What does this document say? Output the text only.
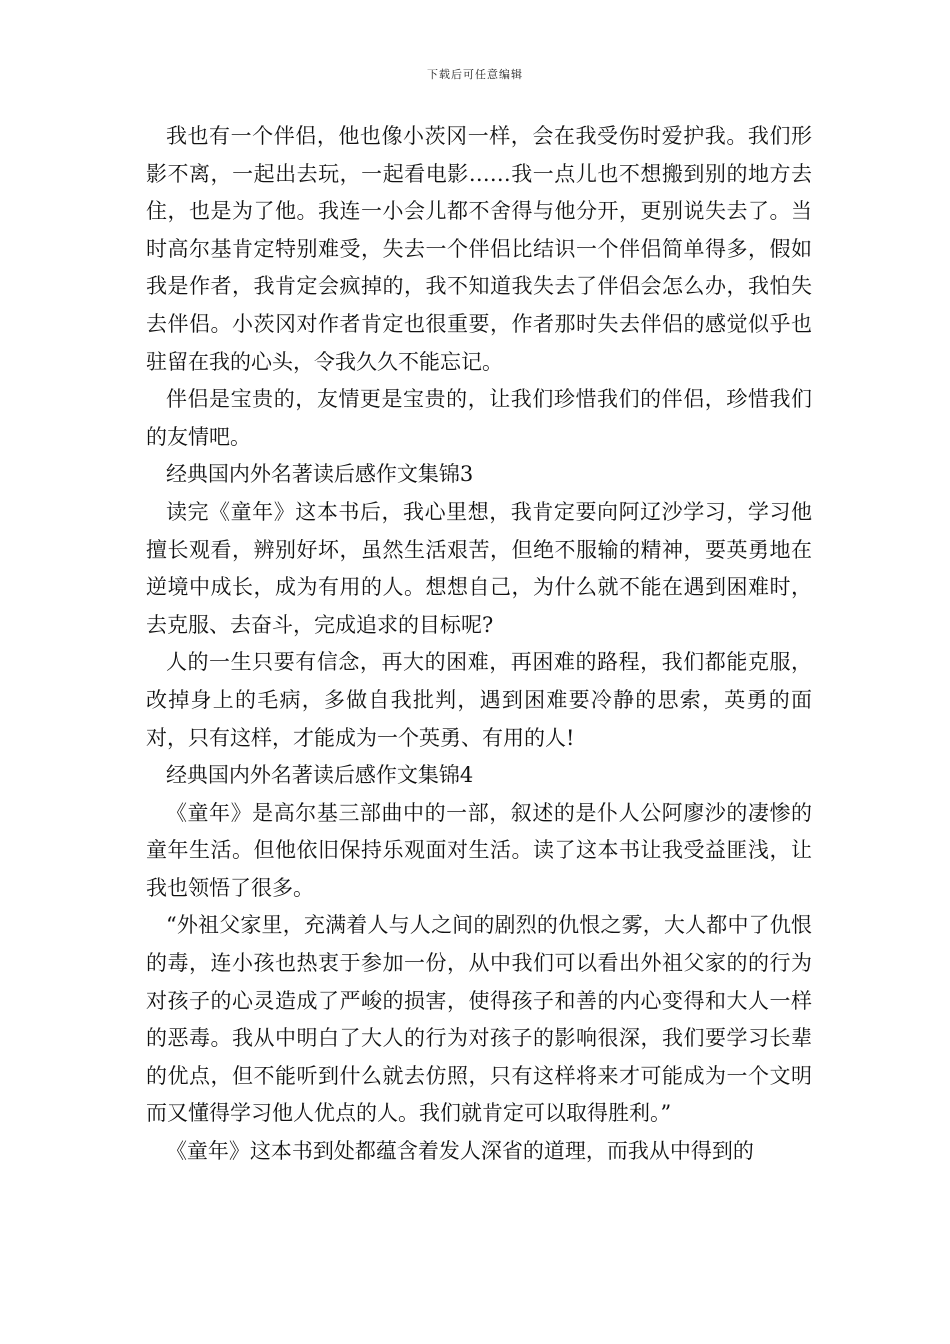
下载后可任意编辑

我也有一个伴侣，他也像小茨冈一样，会在我受伤时爱护我。我们形影不离，一起出去玩，一起看电影……我一点儿也不想搬到别的地方去住，也是为了他。我连一小会儿都不舍得与他分开，更别说失去了。当时高尔基肯定特别难受，失去一个伴侣比结识一个伴侣简单得多，假如我是作者，我肯定会疯掉的，我不知道我失去了伴侣会怎么办，我怕失去伴侣。小茨冈对作者肯定也很重要，作者那时失去伴侣的感觉似乎也驻留在我的心头，令我久久不能忘记。

伴侣是宝贵的，友情更是宝贵的，让我们珍惜我们的伴侣，珍惜我们的友情吧。

经典国内外名著读后感作文集锦3

读完《童年》这本书后，我心里想，我肯定要向阿辽沙学习，学习他擅长观看，辨别好坏，虽然生活艰苦，但绝不服输的精神，要英勇地在逆境中成长，成为有用的人。想想自己，为什么就不能在遇到困难时，去克服、去奋斗，完成追求的目标呢?

人的一生只要有信念，再大的困难，再困难的路程，我们都能克服，改掉身上的毛病，多做自我批判，遇到困难要冷静的思索，英勇的面对，只有这样，才能成为一个英勇、有用的人!

经典国内外名著读后感作文集锦4

《童年》是高尔基三部曲中的一部，叙述的是仆人公阿廖沙的凄惨的童年生活。但他依旧保持乐观面对生活。读了这本书让我受益匪浅，让我也领悟了很多。

“外祖父家里，充满着人与人之间的剧烈的仇恨之雾，大人都中了仇恨的毒，连小孩也热衷于参加一份，从中我们可以看出外祖父家的的行为对孩子的心灵造成了严峻的损害，使得孩子和善的内心变得和大人一样的恶毒。我从中明白了大人的行为对孩子的影响很深，我们要学习长辈的优点，但不能听到什么就去仿照，只有这样将来才可能成为一个文明而又懂得学习他人优点的人。我们就肯定可以取得胜利。”

《童年》这本书到处都蕴含着发人深省的道理，而我从中得到的
